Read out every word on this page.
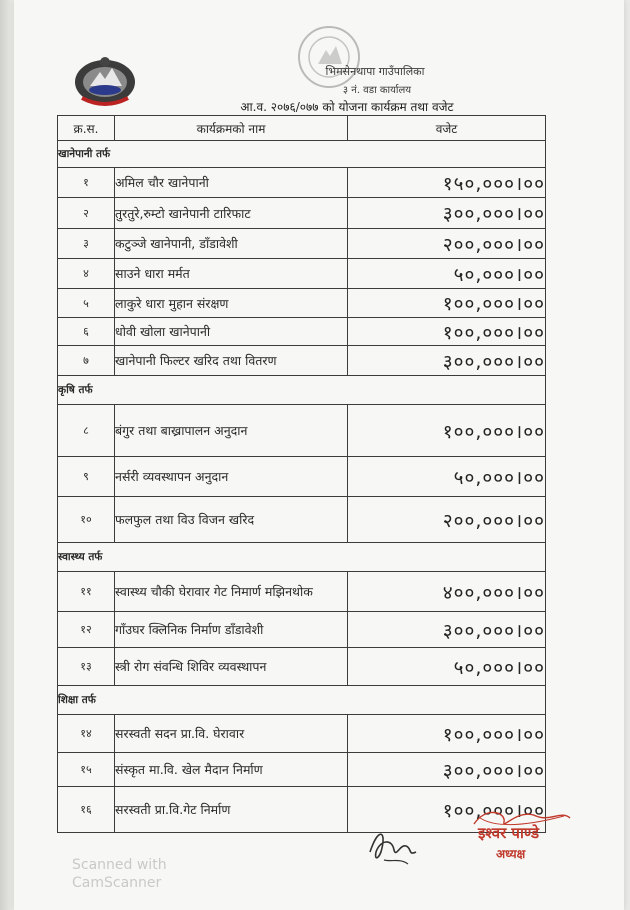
भिमसेनथापा गाउँपालिका
३ नं. वडा कार्यालय
आ.व. २०७६/०७७ को योजना कार्यक्रम तथा वजेट
क्र.स.	कार्यक्रमको नाम	वजेट
खानेपानी तर्फ		
१	अमिल चौर खानेपानी	१५०,०००।००
२	तुरतुरे,रुम्टो खानेपानी टारिफाट	३००,०००।००
३	कटुञ्जे खानेपानी, डाँडावेशी	२००,०००।००
४	साउने धारा मर्मत	५०,०००।००
५	लाकुरे धारा मुहान संरक्षण	१००,०००।००
६	धोवी खोला खानेपानी	१००,०००।००
७	खानेपानी फिल्टर खरिद तथा वितरण	३००,०००।००
कृषि तर्फ		
८	बंगुर तथा बाख्रापालन अनुदान	१००,०००।००
९	नर्सरी व्यवस्थापन अनुदान	५०,०००।००
१०	फलफुल तथा विउ विजन खरिद	२००,०००।००
स्वास्थ्य तर्फ		
११	स्वास्थ्य चौकी घेरावार गेट निमार्ण मझिनथोक	४००,०००।००
१२	गाँउघर क्लिनिक निर्माण डाँडावेशी	३००,०००।००
१३	स्त्री रोग संवन्धि शिविर व्यवस्थापन	५०,०००।००
शिक्षा तर्फ		
१४	सरस्वती सदन प्रा.वि. घेरावार	१००,०००।००
१५	संस्कृत मा.वि. खेल मैदान निर्माण	३००,०००।००
१६	सरस्वती प्रा.वि.गेट निर्माण	१००,०००।००
इश्वर पाण्डे
अध्यक्ष
Scanned with
CamScanner
